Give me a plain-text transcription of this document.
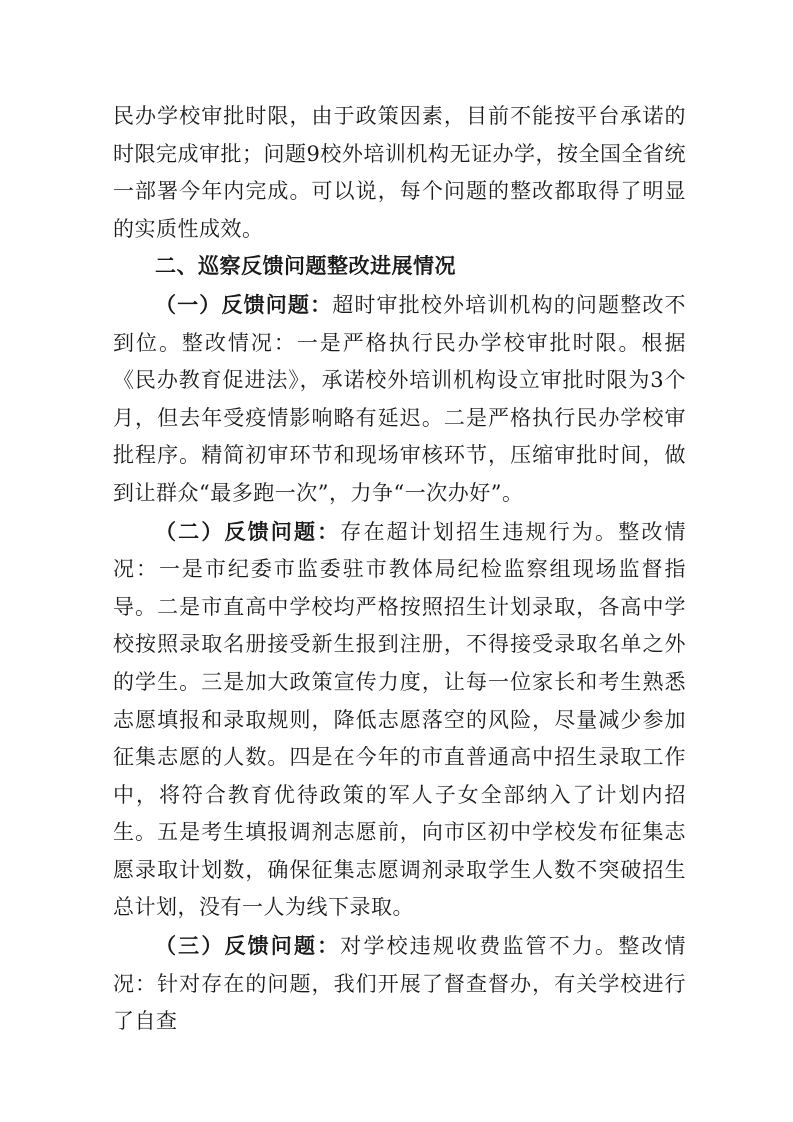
民办学校审批时限，由于政策因素，目前不能按平台承诺的时限完成审批；问题9校外培训机构无证办学，按全国全省统一部署今年内完成。可以说，每个问题的整改都取得了明显的实质性成效。

二、巡察反馈问题整改进展情况

（一）反馈问题：超时审批校外培训机构的问题整改不到位。整改情况：一是严格执行民办学校审批时限。根据《民办教育促进法》，承诺校外培训机构设立审批时限为3个月，但去年受疫情影响略有延迟。二是严格执行民办学校审批程序。精简初审环节和现场审核环节，压缩审批时间，做到让群众“最多跑一次”，力争“一次办好”。

（二）反馈问题：存在超计划招生违规行为。整改情况：一是市纪委市监委驻市教体局纪检监察组现场监督指导。二是市直高中学校均严格按照招生计划录取，各高中学校按照录取名册接受新生报到注册，不得接受录取名单之外的学生。三是加大政策宣传力度，让每一位家长和考生熟悉志愿填报和录取规则，降低志愿落空的风险，尽量减少参加征集志愿的人数。四是在今年的市直普通高中招生录取工作中，将符合教育优待政策的军人子女全部纳入了计划内招生。五是考生填报调剂志愿前，向市区初中学校发布征集志愿录取计划数，确保征集志愿调剂录取学生人数不突破招生总计划，没有一人为线下录取。

（三）反馈问题：对学校违规收费监管不力。整改情况：针对存在的问题，我们开展了督查督办，有关学校进行了自查
